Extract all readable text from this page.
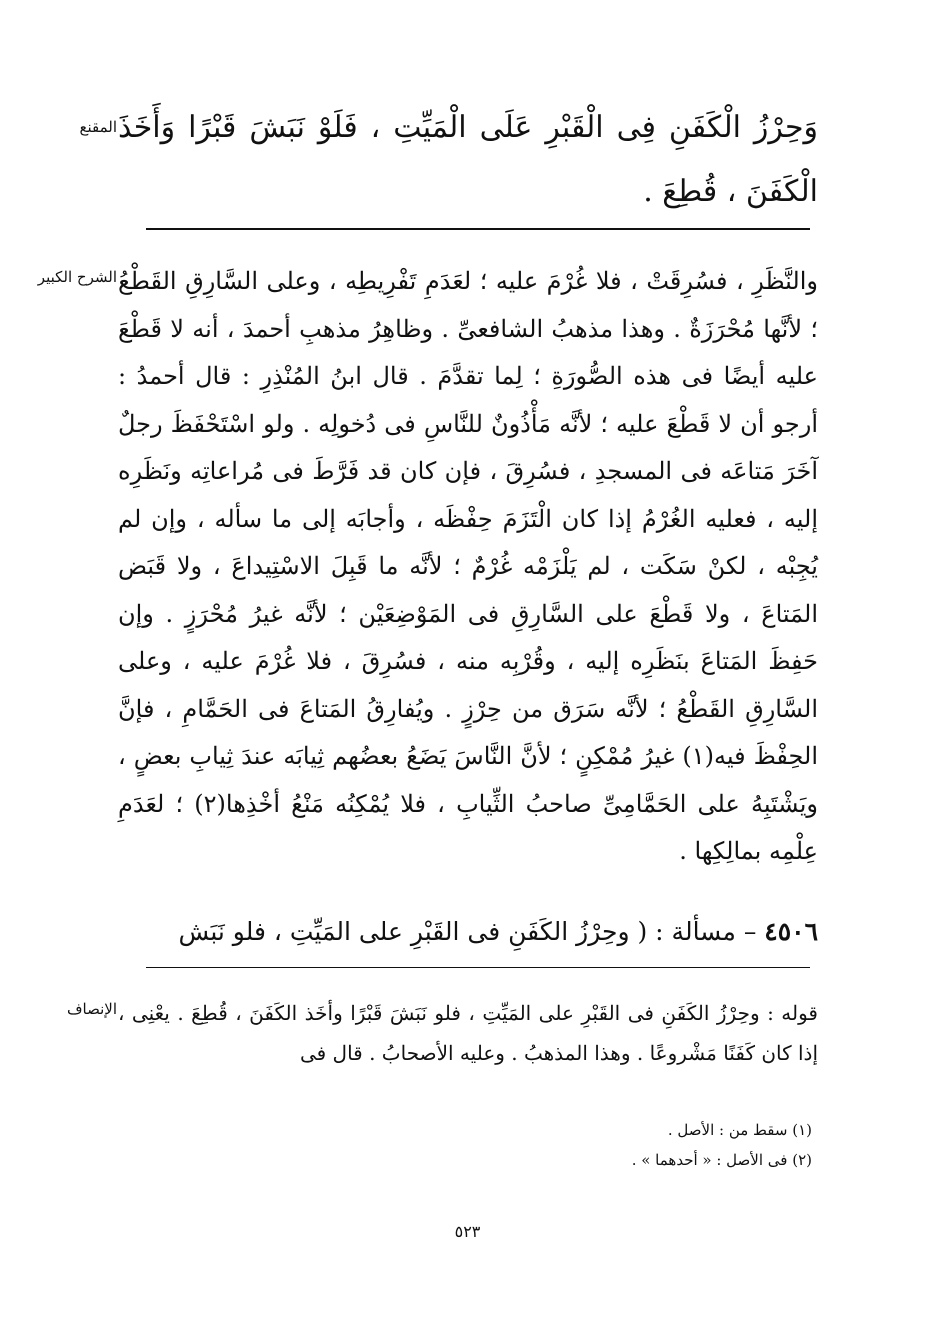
المقنع وَحِرْزُ الْكَفَنِ فِى الْقَبْرِ عَلَى الْمَيِّتِ ، فَلَوْ نَبَشَ قَبْرًا وَأَخَذَ الْكَفَنَ ، قُطِعَ .
الشرح الكبير والنَّظَرِ ، فسُرِقَتْ ، فلا غُرْمَ عليه ؛ لعَدَمِ تَفْرِيطِه ، وعلى السَّارِقِ القَطْعُ ؛ لأنَّها مُحْرَزَةٌ . وهذا مذهبُ الشافعىِّ . وظاهِرُ مذهبِ أحمدَ ، أنه لا قَطْعَ عليه أيضًا فى هذه الصُّورَةِ ؛ لِما تقدَّمَ . قال ابنُ المُنْذِرِ : قال أحمدُ : أرجو أن لا قَطْعَ عليه ؛ لأنَّه مَأْذُونٌ للنَّاسِ فى دُخولِه . ولو اسْتَحْفَظَ رجلٌ آخَرَ مَتاعَه فى المسجدِ ، فسُرِقَ ، فإن كان قد فَرَّطَ فى مُراعاتِه ونَظَرِه إليه ، فعليه الغُرْمُ إذا كان الْتَزَمَ حِفْظَه ، وأجابَه إلى ما سأله ، وإن لم يُجِبْه ، لكنْ سَكَت ، لم يَلْزَمْه غُرْمٌ ؛ لأنَّه ما قَبِلَ الاسْتِيداعَ ، ولا قَبَض المَتاعَ ، ولا قَطْعَ على السَّارِقِ فى المَوْضِعَيْن ؛ لأنَّه غيرُ مُحْرَزٍ . وإن حَفِظَ المَتاعَ بنَظَرِه إليه ، وقُرْبِه منه ، فسُرِقَ ، فلا غُرْمَ عليه ، وعلى السَّارِقِ القَطْعُ ؛ لأنَّه سَرَق من حِرْزٍ . ويُفارِقُ المَتاعَ فى الحَمَّامِ ، فإنَّ الحِفْظَ فيه(١) غيرُ مُمْكِنٍ ؛ لأنَّ النَّاسَ يَضَعُ بعضُهم ثِيابَه عندَ ثِيابِ بعضٍ ، ويَشْتَبِهُ على الحَمَّامِىِّ صاحبُ الثِّيابِ ، فلا يُمْكِنُه مَنْعُ أخْذِها(٢) ؛ لعَدَمِ عِلْمِه بمالِكِها .
٤٥٠٦ – مسألة : ( وحِرْزُ الكَفَنِ فى القَبْرِ على المَيِّتِ ، فلو نَبَش
الإنصاف قوله : وحِرْزُ الكَفَنِ فى القَبْرِ على المَيِّتِ ، فلو نَبَشَ قَبْرًا وأخَذ الكَفَنَ ، قُطِعَ . يعْنِى ، إذا كان كَفَنًا مَشْروعًا . وهذا المذهبُ . وعليه الأصحابُ . قال فى
(١) سقط من : الأصل .
(٢) فى الأصل : « أحدهما » .
٥٢٣
